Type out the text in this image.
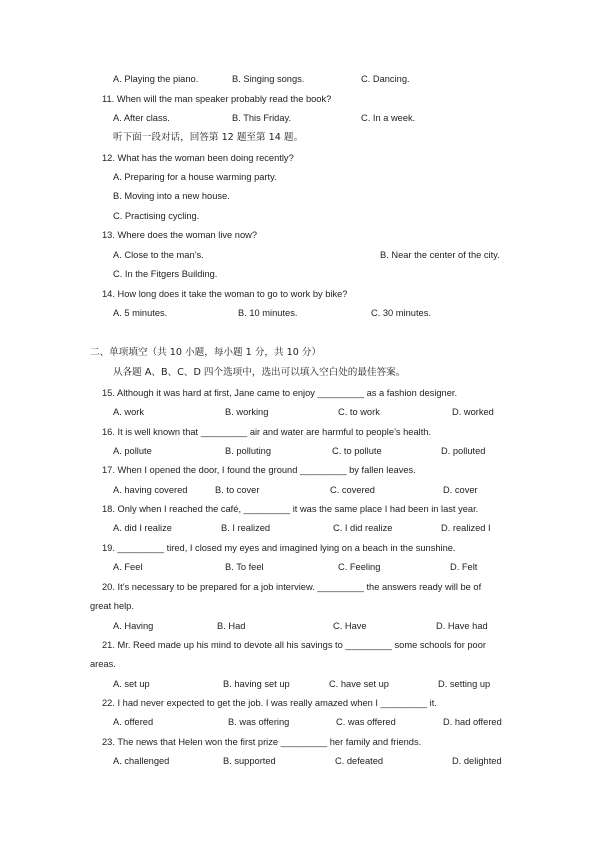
A. Playing the piano.	B. Singing songs.	C. Dancing.
11. When will the man speaker probably read the book?
A. After class.	B. This Friday.	C. In a week.
听下面一段对话，回答第 12 题至第 14 题。
12. What has the woman been doing recently?
A. Preparing for a house warming party.
B. Moving into a new house.
C. Practising cycling.
13. Where does the woman live now?
A. Close to the man’s.	B. Near the center of the city.
C. In the Fitgers Building.
14. How long does it take the woman to go to work by bike?
A. 5 minutes.	B. 10 minutes.	C. 30 minutes.
二、单项填空（共 10 小题，每小题 1 分，共 10 分）
从各题 A、B、C、D 四个选项中，选出可以填入空白处的最佳答案。
15. Although it was hard at first, Jane came to enjoy _________ as a fashion designer.
A. work	B. working	C. to work	D. worked
16. It is well known that _________ air and water are harmful to people’s health.
A. pollute	B. polluting	C. to pollute	D. polluted
17. When I opened the door, I found the ground _________ by fallen leaves.
A. having covered	B. to cover	C. covered	D. cover
18. Only when I reached the café, _________ it was the same place I had been in last year.
A. did I realize	B. I realized	C. I did realize	D. realized I
19. _________ tired, I closed my eyes and imagined lying on a beach in the sunshine.
A. Feel	B. To feel	C. Feeling	D. Felt
20. It’s necessary to be prepared for a job interview. _________ the answers ready will be of
great help.
A. Having	B. Had	C. Have	D. Have had
21. Mr. Reed made up his mind to devote all his savings to _________ some schools for poor
areas.
A. set up	B. having set up	C. have set up	D. setting up
22. I had never expected to get the job. I was really amazed when I _________ it.
A. offered	B. was offering	C. was offered	D. had offered
23. The news that Helen won the first prize _________ her family and friends.
A. challenged	B. supported	C. defeated	D. delighted
